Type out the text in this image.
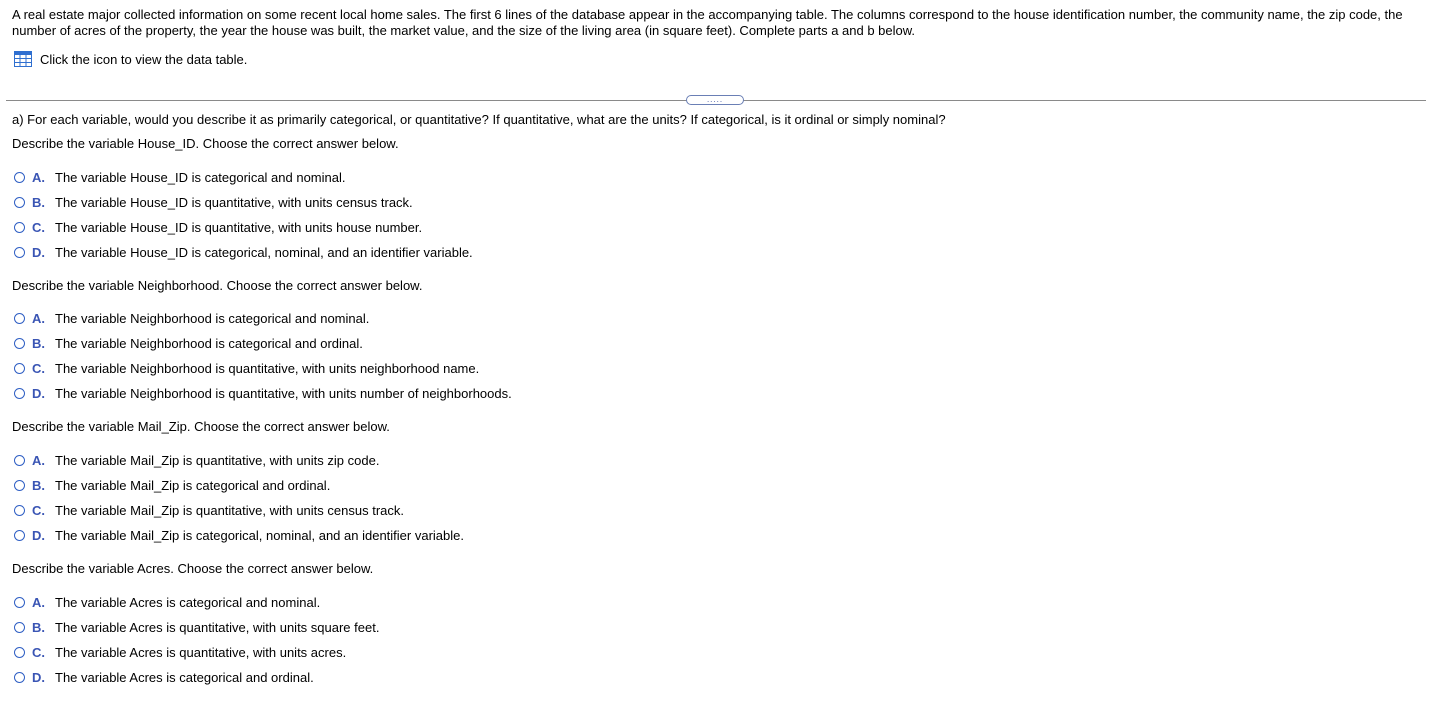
A real estate major collected information on some recent local home sales. The first 6 lines of the database appear in the accompanying table. The columns correspond to the house identification number, the community name, the zip code, the number of acres of the property, the year the house was built, the market value, and the size of the living area (in square feet). Complete parts a and b below.
Click the icon to view the data table.
.....
a) For each variable, would you describe it as primarily categorical, or quantitative? If quantitative, what are the units? If categorical, is it ordinal or simply nominal?
Describe the variable House_ID. Choose the correct answer below.
A. The variable House_ID is categorical and nominal.
B. The variable House_ID is quantitative, with units census track.
C. The variable House_ID is quantitative, with units house number.
D. The variable House_ID is categorical, nominal, and an identifier variable.
Describe the variable Neighborhood. Choose the correct answer below.
A. The variable Neighborhood is categorical and nominal.
B. The variable Neighborhood is categorical and ordinal.
C. The variable Neighborhood is quantitative, with units neighborhood name.
D. The variable Neighborhood is quantitative, with units number of neighborhoods.
Describe the variable Mail_Zip. Choose the correct answer below.
A. The variable Mail_Zip is quantitative, with units zip code.
B. The variable Mail_Zip is categorical and ordinal.
C. The variable Mail_Zip is quantitative, with units census track.
D. The variable Mail_Zip is categorical, nominal, and an identifier variable.
Describe the variable Acres. Choose the correct answer below.
A. The variable Acres is categorical and nominal.
B. The variable Acres is quantitative, with units square feet.
C. The variable Acres is quantitative, with units acres.
D. The variable Acres is categorical and ordinal.
